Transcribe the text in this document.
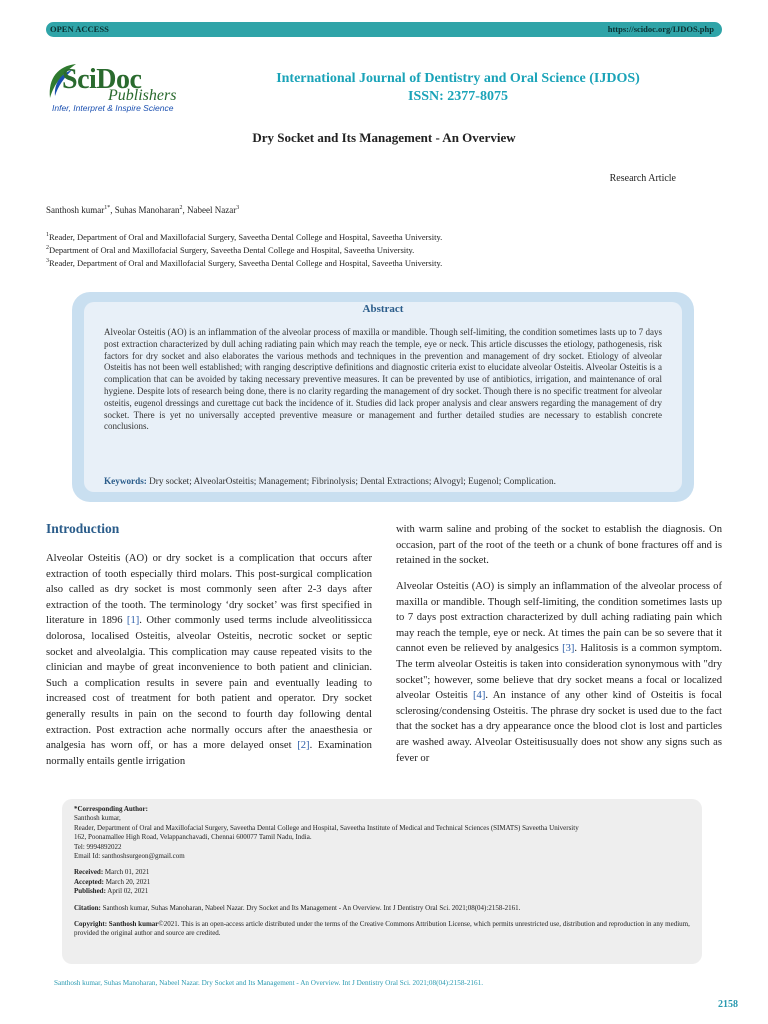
OPEN ACCESS	https://scidoc.org/IJDOS.php
SciDoc
Publishers
Infer, Interpret & Inspire Science
International Journal of Dentistry and Oral Science (IJDOS)
ISSN: 2377-8075
Dry Socket and Its Management - An Overview
Research Article
Santhosh kumar$^{1*}$, Suhas Manoharan$^2$, Nabeel Nazar$^3$
$^1$Reader, Department of Oral and Maxillofacial Surgery, Saveetha Dental College and Hospital, Saveetha University.
$^2$Department of Oral and Maxillofacial Surgery, Saveetha Dental College and Hospital, Saveetha University.
$^3$Reader, Department of Oral and Maxillofacial Surgery, Saveetha Dental College and Hospital, Saveetha University.
Abstract
Alveolar Osteitis (AO) is an inflammation of the alveolar process of maxilla or mandible. Though self-limiting, the condition sometimes lasts up to 7 days post extraction characterized by dull aching radiating pain which may reach the temple, eye or neck. This article discusses the etiology, pathogenesis, risk factors for dry socket and also elaborates the various methods and techniques in the prevention and management of dry socket. Etiology of alveolar Osteitis has not been well established; with ranging descriptive definitions and diagnostic criteria exist to elucidate alveolar Osteitis. Alveolar Osteitis is a complication that can be avoided by taking necessary preventive measures. It can be prevented by use of antibiotics, irrigation, and maintenance of oral hygiene. Despite lots of research being done, there is no clarity regarding the management of dry socket. Though there is no specific treatment for alveolar osteitis, eugenol dressings and curettage cut back the incidence of it. Studies did lack proper analysis and clear answers regarding the management of dry socket. There is yet no universally accepted preventive measure or management and further detailed studies are necessary to establish concrete conclusions.
Keywords: Dry socket; AlveolarOsteitis; Management; Fibrinolysis; Dental Extractions; Alvogyl; Eugenol; Complication.
Introduction
Alveolar Osteitis (AO) or dry socket is a complication that occurs after extraction of tooth especially third molars. This post-surgical complication also called as dry socket is most commonly seen after 2-3 days after extraction of the tooth. The terminology ‘dry socket’ was first specified in literature in 1896 [1]. Other commonly used terms include alveolitissicca dolorosa, localised Osteitis, alveolar Osteitis, necrotic socket or septic socket and alveolalgia. This complication may cause repeated visits to the clinician and maybe of great inconvenience to both patient and clinician. Such a complication results in severe pain and eventually leading to increased cost of treatment for both patient and operator. Dry socket generally results in pain on the second to fourth day following dental extraction. Post extraction ache normally occurs after the anaesthesia or analgesia has worn off, or has a more delayed onset [2]. Examination normally entails gentle irrigation
with warm saline and probing of the socket to establish the diagnosis. On occasion, part of the root of the teeth or a chunk of bone fractures off and is retained in the socket.
Alveolar Osteitis (AO) is simply an inflammation of the alveolar process of maxilla or mandible. Though self-limiting, the condition sometimes lasts up to 7 days post extraction characterized by dull aching radiating pain which may reach the temple, eye or neck. At times the pain can be so severe that it cannot even be relieved by analgesics [3]. Halitosis is a common symptom. The term alveolar Osteitis is taken into consideration synonymous with "dry socket"; however, some believe that dry socket means a focal or localized alveolar Osteitis [4]. An instance of any other kind of Osteitis is focal sclerosing/condensing Osteitis. The phrase dry socket is used due to the fact that the socket has a dry appearance once the blood clot is lost and particles are washed away. Alveolar Osteitisusually does not show any signs such as fever or

*Corresponding Author:

Santhosh kumar,

Reader, Department of Oral and Maxillofacial Surgery, Saveetha Dental College and Hospital, Saveetha Institute of Medical and Technical Sciences (SIMATS) Saveetha University

162, Poonamallee High Road, Velappanchavadi, Chennai 600077 Tamil Nadu, India.

Tel: 9994892022

Email Id: santhoshsurgeon@gmail.com

Received: March 01, 2021

Accepted: March 20, 2021

Published: April 02, 2021

Citation: Santhosh kumar, Suhas Manoharan, Nabeel Nazar. Dry Socket and Its Management - An Overview. Int J Dentistry Oral Sci. 2021;08(04):2158-2161.

Copyright: Santhosh kumar©2021. This is an open-access article distributed under the terms of the Creative Commons Attribution License, which permits unrestricted use, distribution and reproduction in any medium, provided the original author and source are credited.

Santhosh kumar, Suhas Manoharan, Nabeel Nazar. Dry Socket and Its Management - An Overview. Int J Dentistry Oral Sci. 2021;08(04):2158-2161.
2158
